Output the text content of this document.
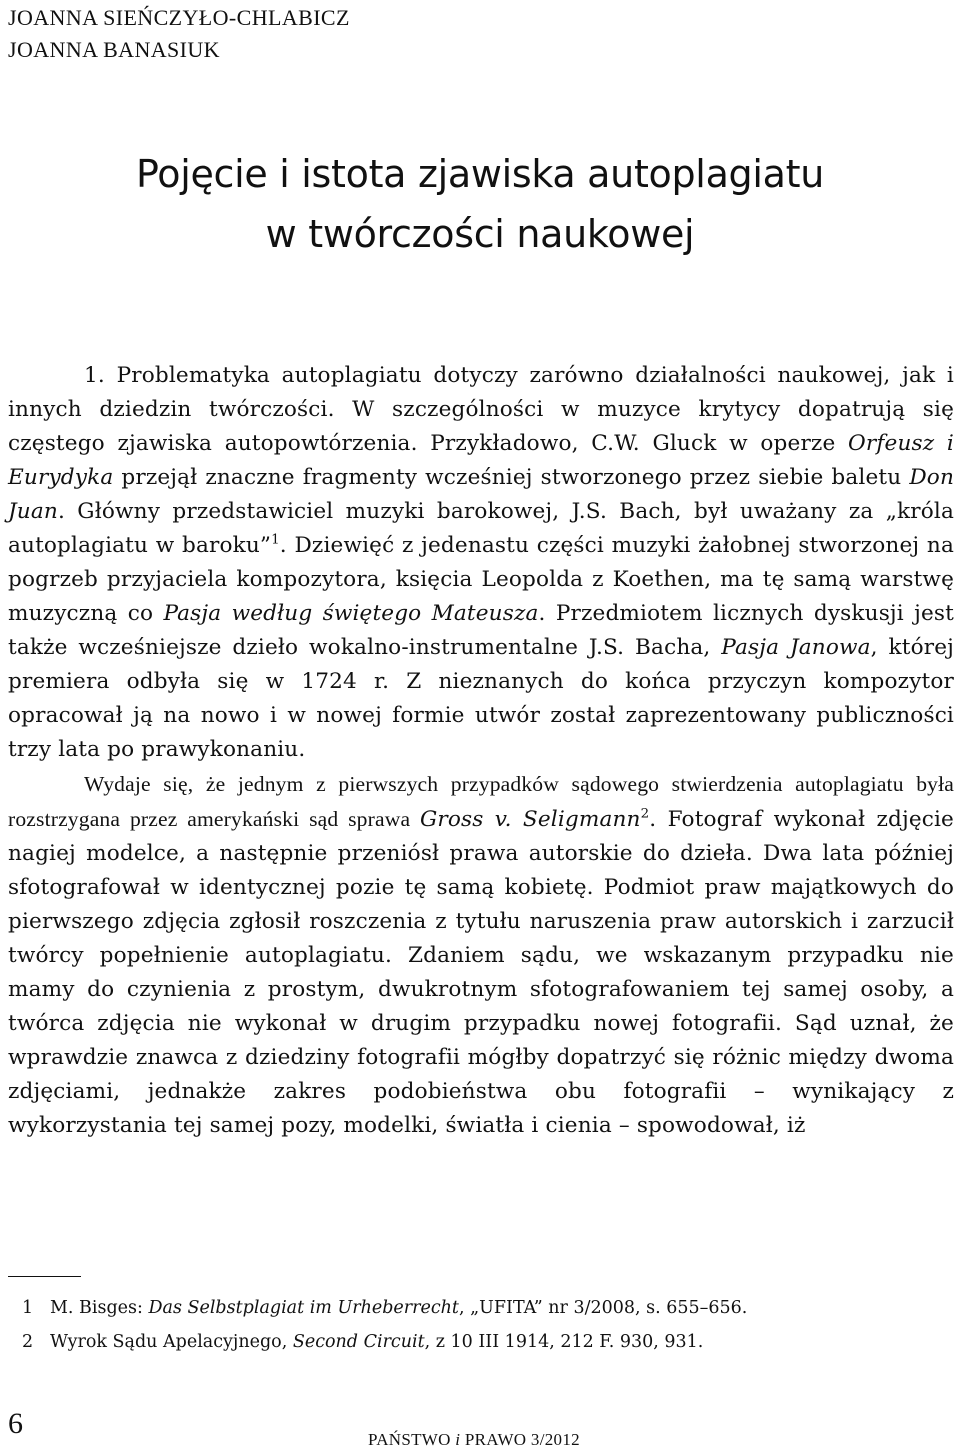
JOANNA SIEŃCZYŁO-CHLABICZ
JOANNA BANASIUK
Pojęcie i istota zjawiska autoplagiatu
w twórczości naukowej

1. Problematyka autoplagiatu dotyczy zarówno działalności naukowej, jak i innych dziedzin twórczości. W szczególności w muzyce krytycy dopatrują się częstego zjawiska autopowtórzenia. Przykładowo, C.W. Gluck w operze Orfeusz i Eurydyka przejął znaczne fragmenty wcześniej stworzonego przez siebie baletu Don Juan. Główny przedstawiciel muzyki barokowej, J.S. Bach, był uważany za „króla autoplagiatu w baroku”$^1$. Dziewięć z jedenastu części muzyki żałobnej stworzonej na pogrzeb przyjaciela kompozytora, księcia Leopolda z Koethen, ma tę samą warstwę muzyczną co Pasja według świętego Mateusza. Przedmiotem licznych dyskusji jest także wcześniejsze dzieło wokalno-instrumentalne J.S. Bacha, Pasja Janowa, której premiera odbyła się w 1724 r. Z nieznanych do końca przyczyn kompozytor opracował ją na nowo i w nowej formie utwór został zaprezentowany publiczności trzy lata po prawykonaniu.

Wydaje się, że jednym z pierwszych przypadków sądowego stwierdzenia autoplagiatu była rozstrzygana przez amerykański sąd sprawa Gross v. Seligmann$^2$. Fotograf wykonał zdjęcie nagiej modelce, a następnie przeniósł prawa autorskie do dzieła. Dwa lata później sfotografował w identycznej pozie tę samą kobietę. Podmiot praw majątkowych do pierwszego zdjęcia zgłosił roszczenia z tytułu naruszenia praw autorskich i zarzucił twórcy popełnienie autoplagiatu. Zdaniem sądu, we wskazanym przypadku nie mamy do czynienia z prostym, dwukrotnym sfotografowaniem tej samej osoby, a twórca zdjęcia nie wykonał w drugim przypadku nowej fotografii. Sąd uznał, że wprawdzie znawca z dziedziny fotografii mógłby dopatrzyć się różnic między dwoma zdjęciami, jednakże zakres podobieństwa obu fotografii – wynikający z wykorzystania tej samej pozy, modelki, światła i cienia – spowodował, iż

1 M. Bisges: Das Selbstplagiat im Urheberrecht, „UFITA” nr 3/2008, s. 655–656.
2 Wyrok Sądu Apelacyjnego, Second Circuit, z 10 III 1914, 212 F. 930, 931.
6	PAŃSTWO i PRAWO 3/2012
